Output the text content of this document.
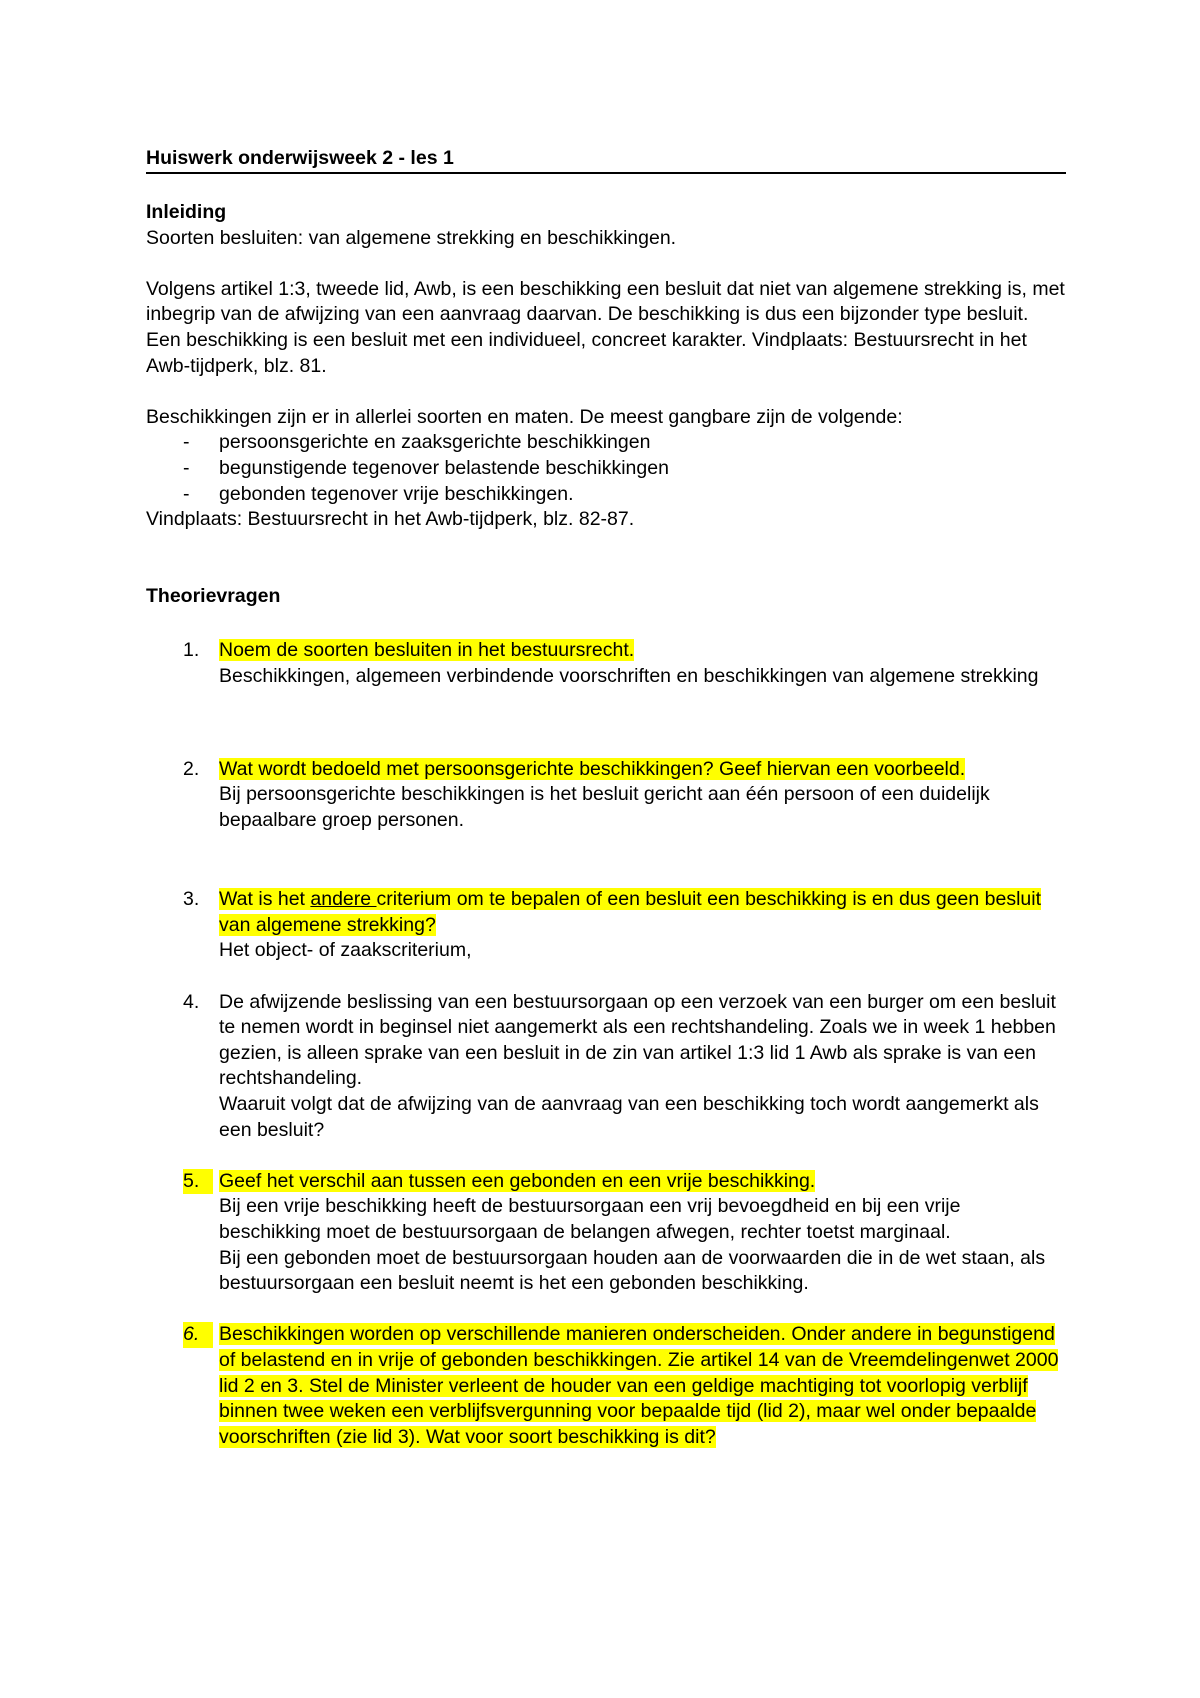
Huiswerk onderwijsweek 2 - les 1

Inleiding

Soorten besluiten: van algemene strekking en beschikkingen.

Volgens artikel 1:3, tweede lid, Awb, is een beschikking een besluit dat niet van algemene strekking is, met inbegrip van de afwijzing van een aanvraag daarvan. De beschikking is dus een bijzonder type besluit. Een beschikking is een besluit met een individueel, concreet karakter. Vindplaats: Bestuursrecht in het Awb-tijdperk, blz. 81.

Beschikkingen zijn er in allerlei soorten en maten. De meest gangbare zijn de volgende:

- persoonsgerichte en zaaksgerichte beschikkingen
- begunstigende tegenover belastende beschikkingen
- gebonden tegenover vrije beschikkingen.

Vindplaats: Bestuursrecht in het Awb-tijdperk, blz. 82-87.

Theorievragen

1.	Noem de soorten besluiten in het bestuursrecht.

Beschikkingen, algemeen verbindende voorschriften en beschikkingen van algemene strekking

2.	Wat wordt bedoeld met persoonsgerichte beschikkingen? Geef hiervan een voorbeeld.

Bij persoonsgerichte beschikkingen is het besluit gericht aan één persoon of een duidelijk bepaalbare groep personen.

3.	Wat is het andere criterium om te bepalen of een besluit een beschikking is en dus geen besluit van algemene strekking?

Het object- of zaakscriterium,

4.	De afwijzende beslissing van een bestuursorgaan op een verzoek van een burger om een besluit te nemen wordt in beginsel niet aangemerkt als een rechtshandeling. Zoals we in week 1 hebben gezien, is alleen sprake van een besluit in de zin van artikel 1:3 lid 1 Awb als sprake is van een rechtshandeling.

Waaruit volgt dat de afwijzing van de aanvraag van een beschikking toch wordt aangemerkt als een besluit?

5.	Geef het verschil aan tussen een gebonden en een vrije beschikking.

Bij een vrije beschikking heeft de bestuursorgaan een vrij bevoegdheid en bij een vrije beschikking moet de bestuursorgaan de belangen afwegen, rechter toetst marginaal.

Bij een gebonden moet de bestuursorgaan houden aan de voorwaarden die in de wet staan, als bestuursorgaan een besluit neemt is het een gebonden beschikking.

6.	Beschikkingen worden op verschillende manieren onderscheiden. Onder andere in begunstigend of belastend en in vrije of gebonden beschikkingen. Zie artikel 14 van de Vreemdelingenwet 2000 lid 2 en 3. Stel de Minister verleent de houder van een geldige machtiging tot voorlopig verblijf binnen twee weken een verblijfsvergunning voor bepaalde tijd (lid 2), maar wel onder bepaalde voorschriften (zie lid 3). Wat voor soort beschikking is dit?
